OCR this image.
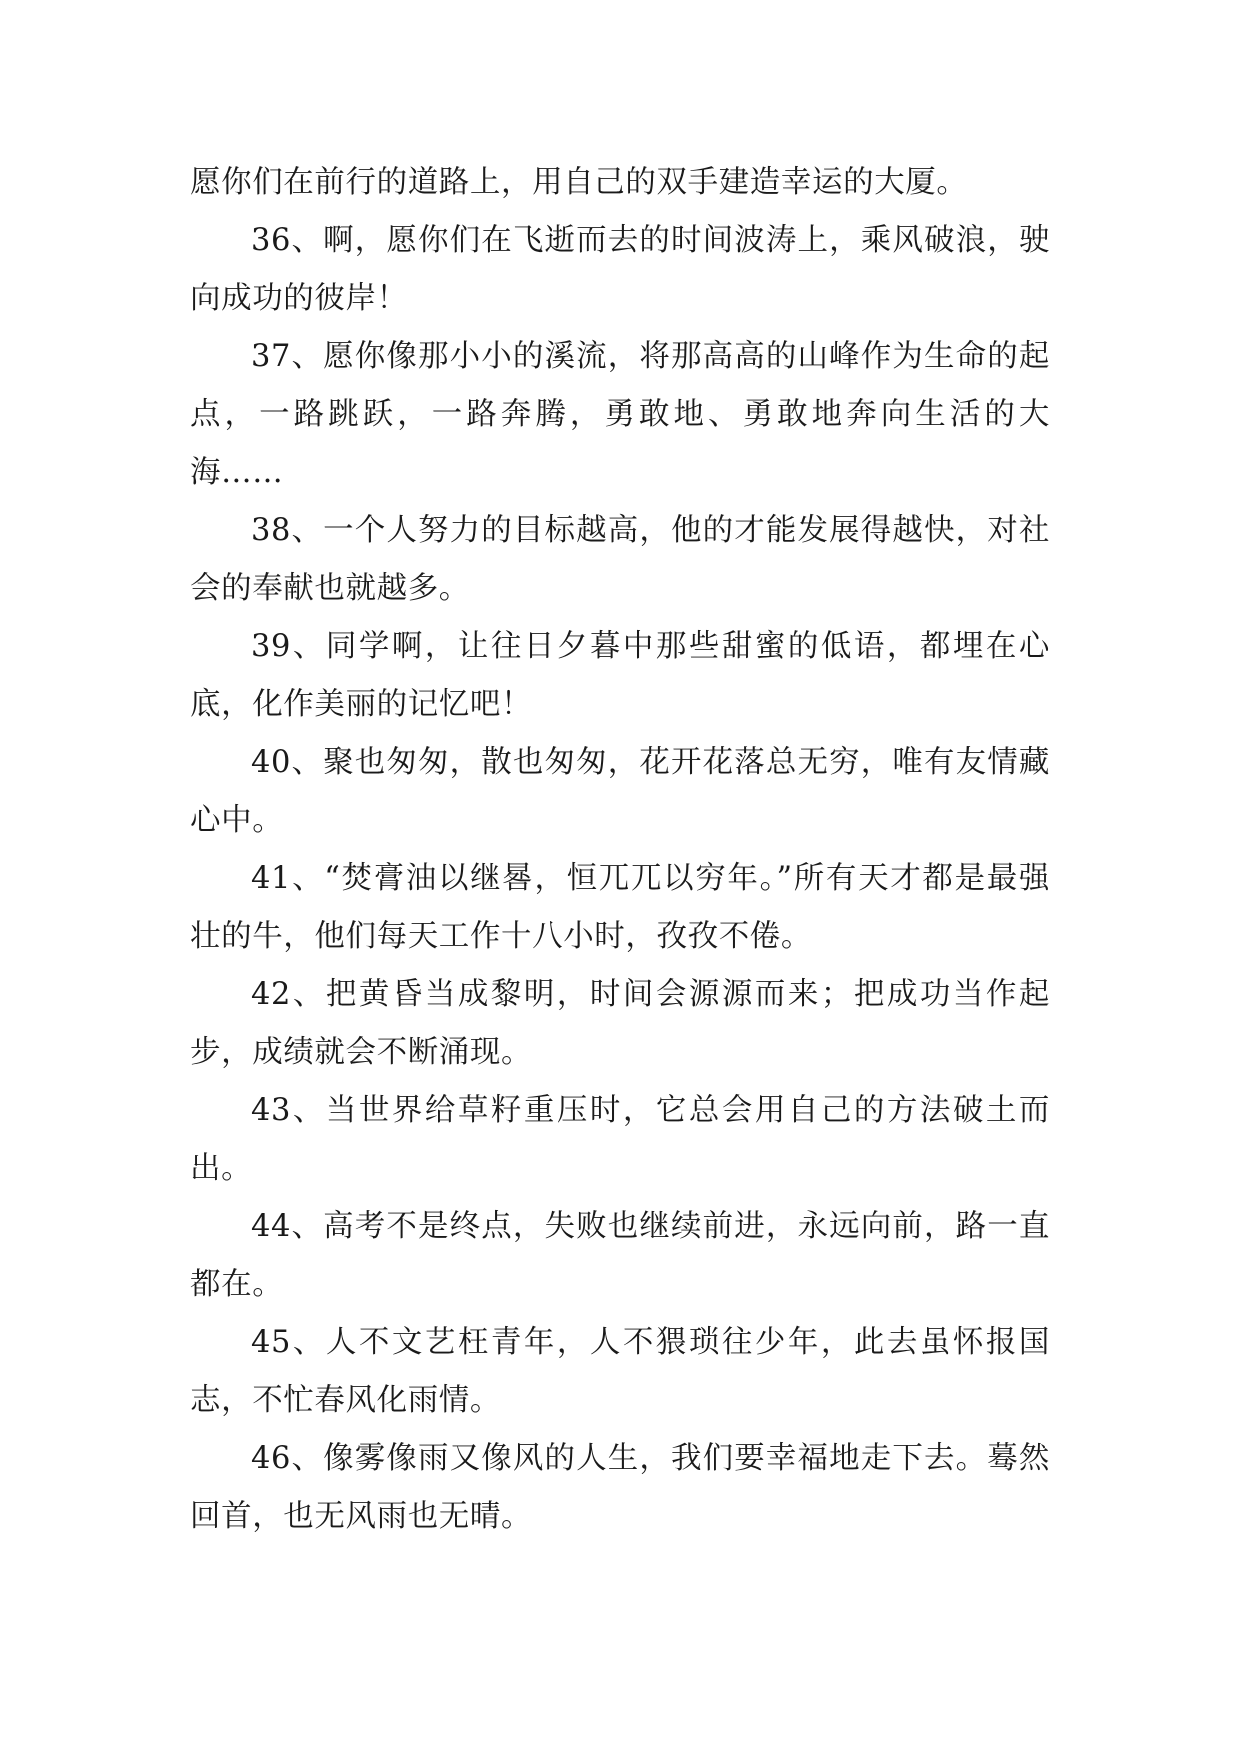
愿你们在前行的道路上，用自己的双手建造幸运的大厦。

36、啊，愿你们在飞逝而去的时间波涛上，乘风破浪，驶向成功的彼岸！

37、愿你像那小小的溪流，将那高高的山峰作为生命的起点，一路跳跃，一路奔腾，勇敢地、勇敢地奔向生活的大海……

38、一个人努力的目标越高，他的才能发展得越快，对社会的奉献也就越多。

39、同学啊，让往日夕暮中那些甜蜜的低语，都埋在心底，化作美丽的记忆吧！

40、聚也匆匆，散也匆匆，花开花落总无穷，唯有友情藏心中。

41、“焚膏油以继晷，恒兀兀以穷年。”所有天才都是最强壮的牛，他们每天工作十八小时，孜孜不倦。

42、把黄昏当成黎明，时间会源源而来；把成功当作起步，成绩就会不断涌现。

43、当世界给草籽重压时，它总会用自己的方法破土而出。

44、高考不是终点，失败也继续前进，永远向前，路一直都在。

45、人不文艺枉青年，人不猥琐往少年，此去虽怀报国志，不忙春风化雨情。

46、像雾像雨又像风的人生，我们要幸福地走下去。蓦然回首，也无风雨也无晴。
